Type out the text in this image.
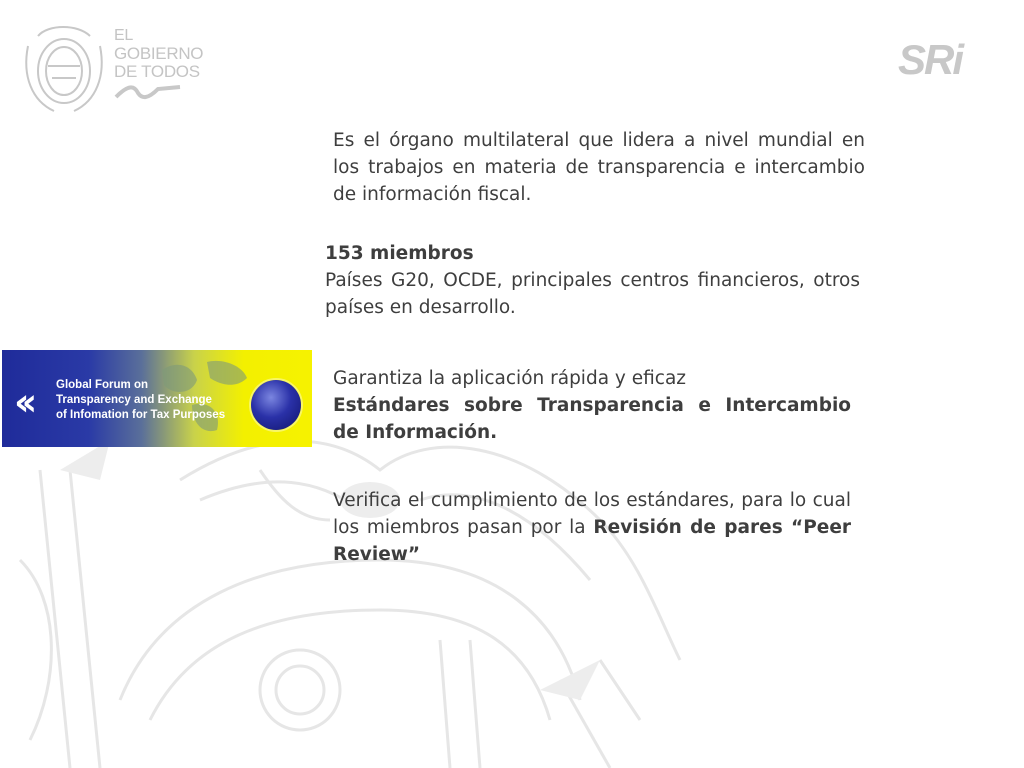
EL
GOBIERNO
DE TODOS	SRi
‹‹ Global Forum on
Transparency and Exchange
of Infomation for Tax Purposes
Es el órgano multilateral que lidera a nivel mundial en los trabajos en materia de transparencia e intercambio de información fiscal.
153 miembros
Países G20, OCDE, principales centros financieros, otros países en desarrollo.
Garantiza la aplicación rápida y eficaz
Estándares sobre Transparencia e Intercambio de Información.
Verifica el cumplimiento de los estándares, para lo cual los miembros pasan por la Revisión de pares “Peer Review”
